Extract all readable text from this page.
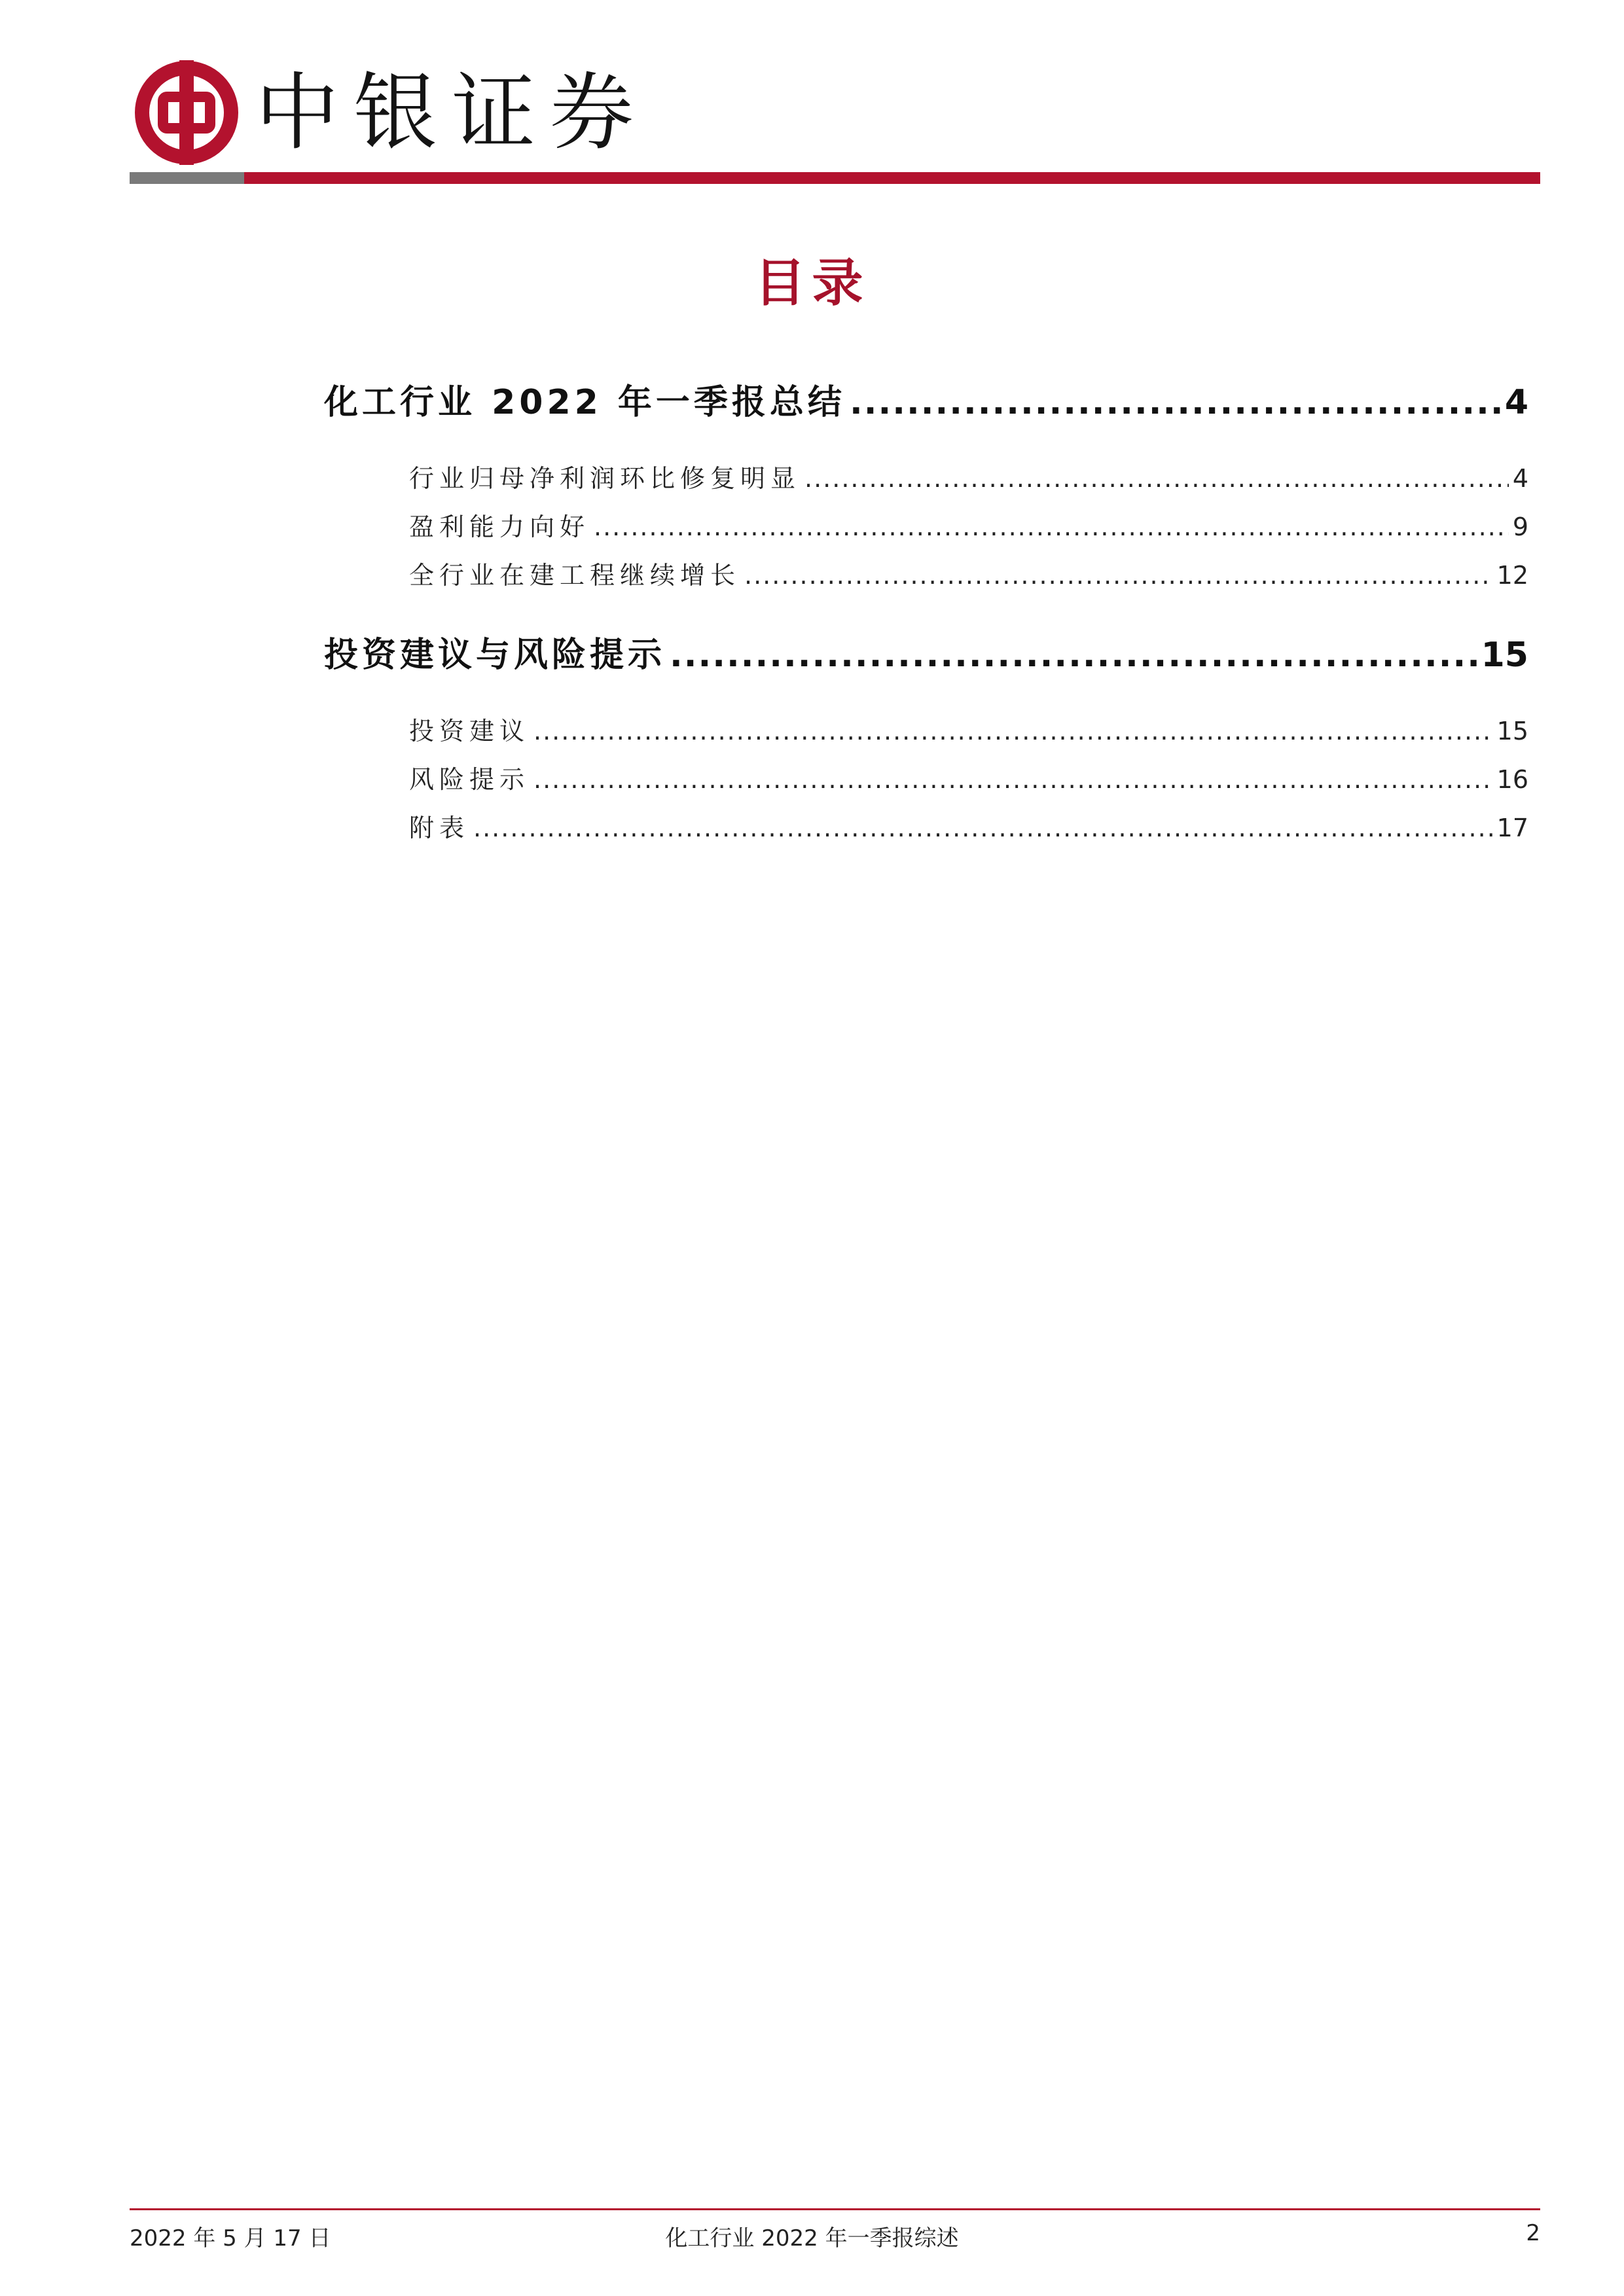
中银证券
目录
化工行业 2022 年一季报总结 .....	4
行业归母净利润环比修复明显 .....	4
盈利能力向好 .....	9
全行业在建工程继续增长 .....	12
投资建议与风险提示 .....	15
投资建议 .....	15
风险提示 .....	16
附表 .....	17
2022 年 5 月 17 日	化工行业 2022 年一季报综述	2
